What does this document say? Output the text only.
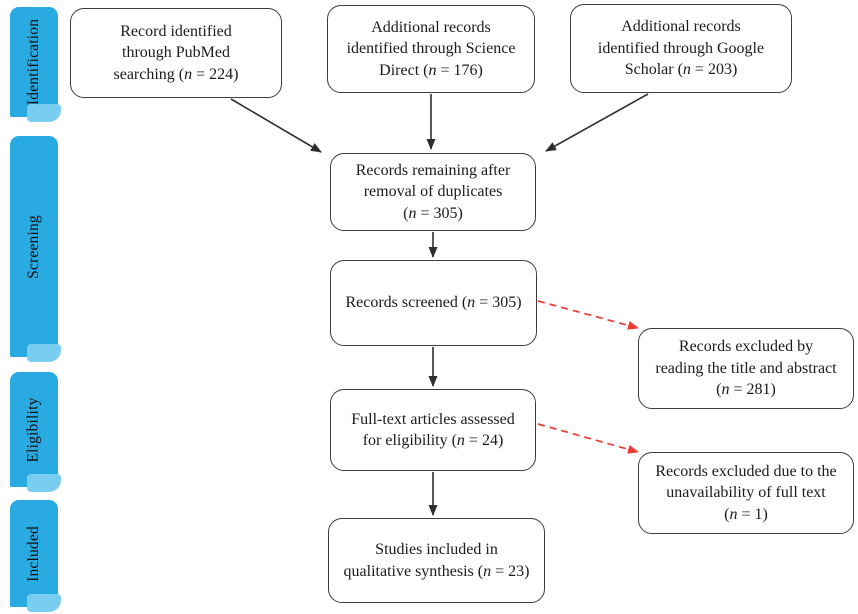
Identification
Screening
Eligibility
Included
Record identified
through PubMed
searching (n = 224)
Additional records
identified through Science
Direct (n = 176)
Additional records
identified through Google
Scholar (n = 203)
Records remaining after
removal of duplicates
(n = 305)
Records screened (n = 305)
Records excluded by
reading the title and abstract
(n = 281)
Full-text articles assessed
for eligibility (n = 24)
Records excluded due to the
unavailability of full text
(n = 1)
Studies included in
qualitative synthesis (n = 23)
